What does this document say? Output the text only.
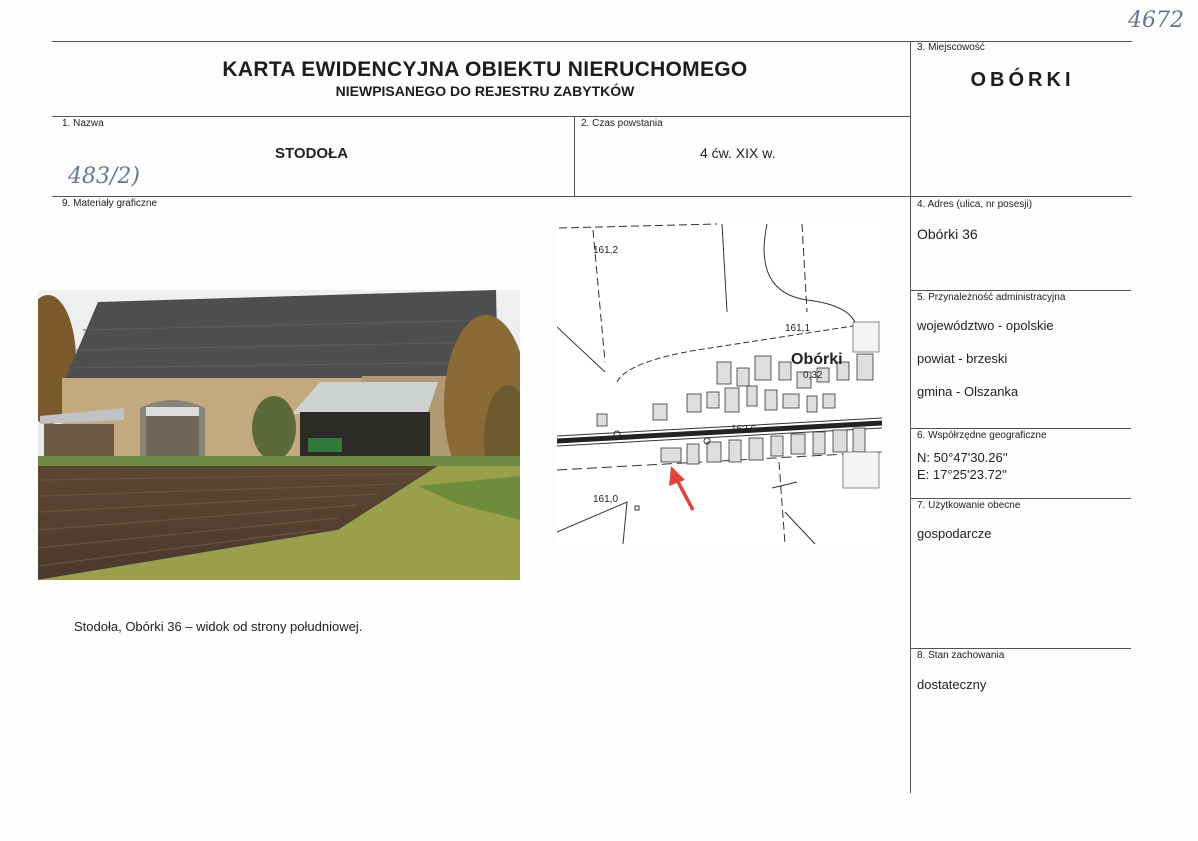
4672
483/2)
KARTA EWIDENCYJNA OBIEKTU NIERUCHOMEGO
NIEWPISANEGO DO REJESTRU ZABYTKÓW
3. Miejscowość
OBÓRKI
1. Nazwa
STODOŁA
2. Czas powstania
4 ćw. XIX w.
9. Materiały graficzne
161,2
161,1
Obórki
0,32
162,6
161,0
Stodoła, Obórki 36 – widok od strony południowej.
4. Adres (ulica, nr posesji)
Obórki 36
5. Przynależność administracyjna
województwo - opolskie
powiat - brzeski
gmina - Olszanka
6. Współrzędne geograficzne
N: 50°47'30.26''
E: 17°25'23.72''
7. Użytkowanie obecne
gospodarcze
8. Stan zachowania
dostateczny
